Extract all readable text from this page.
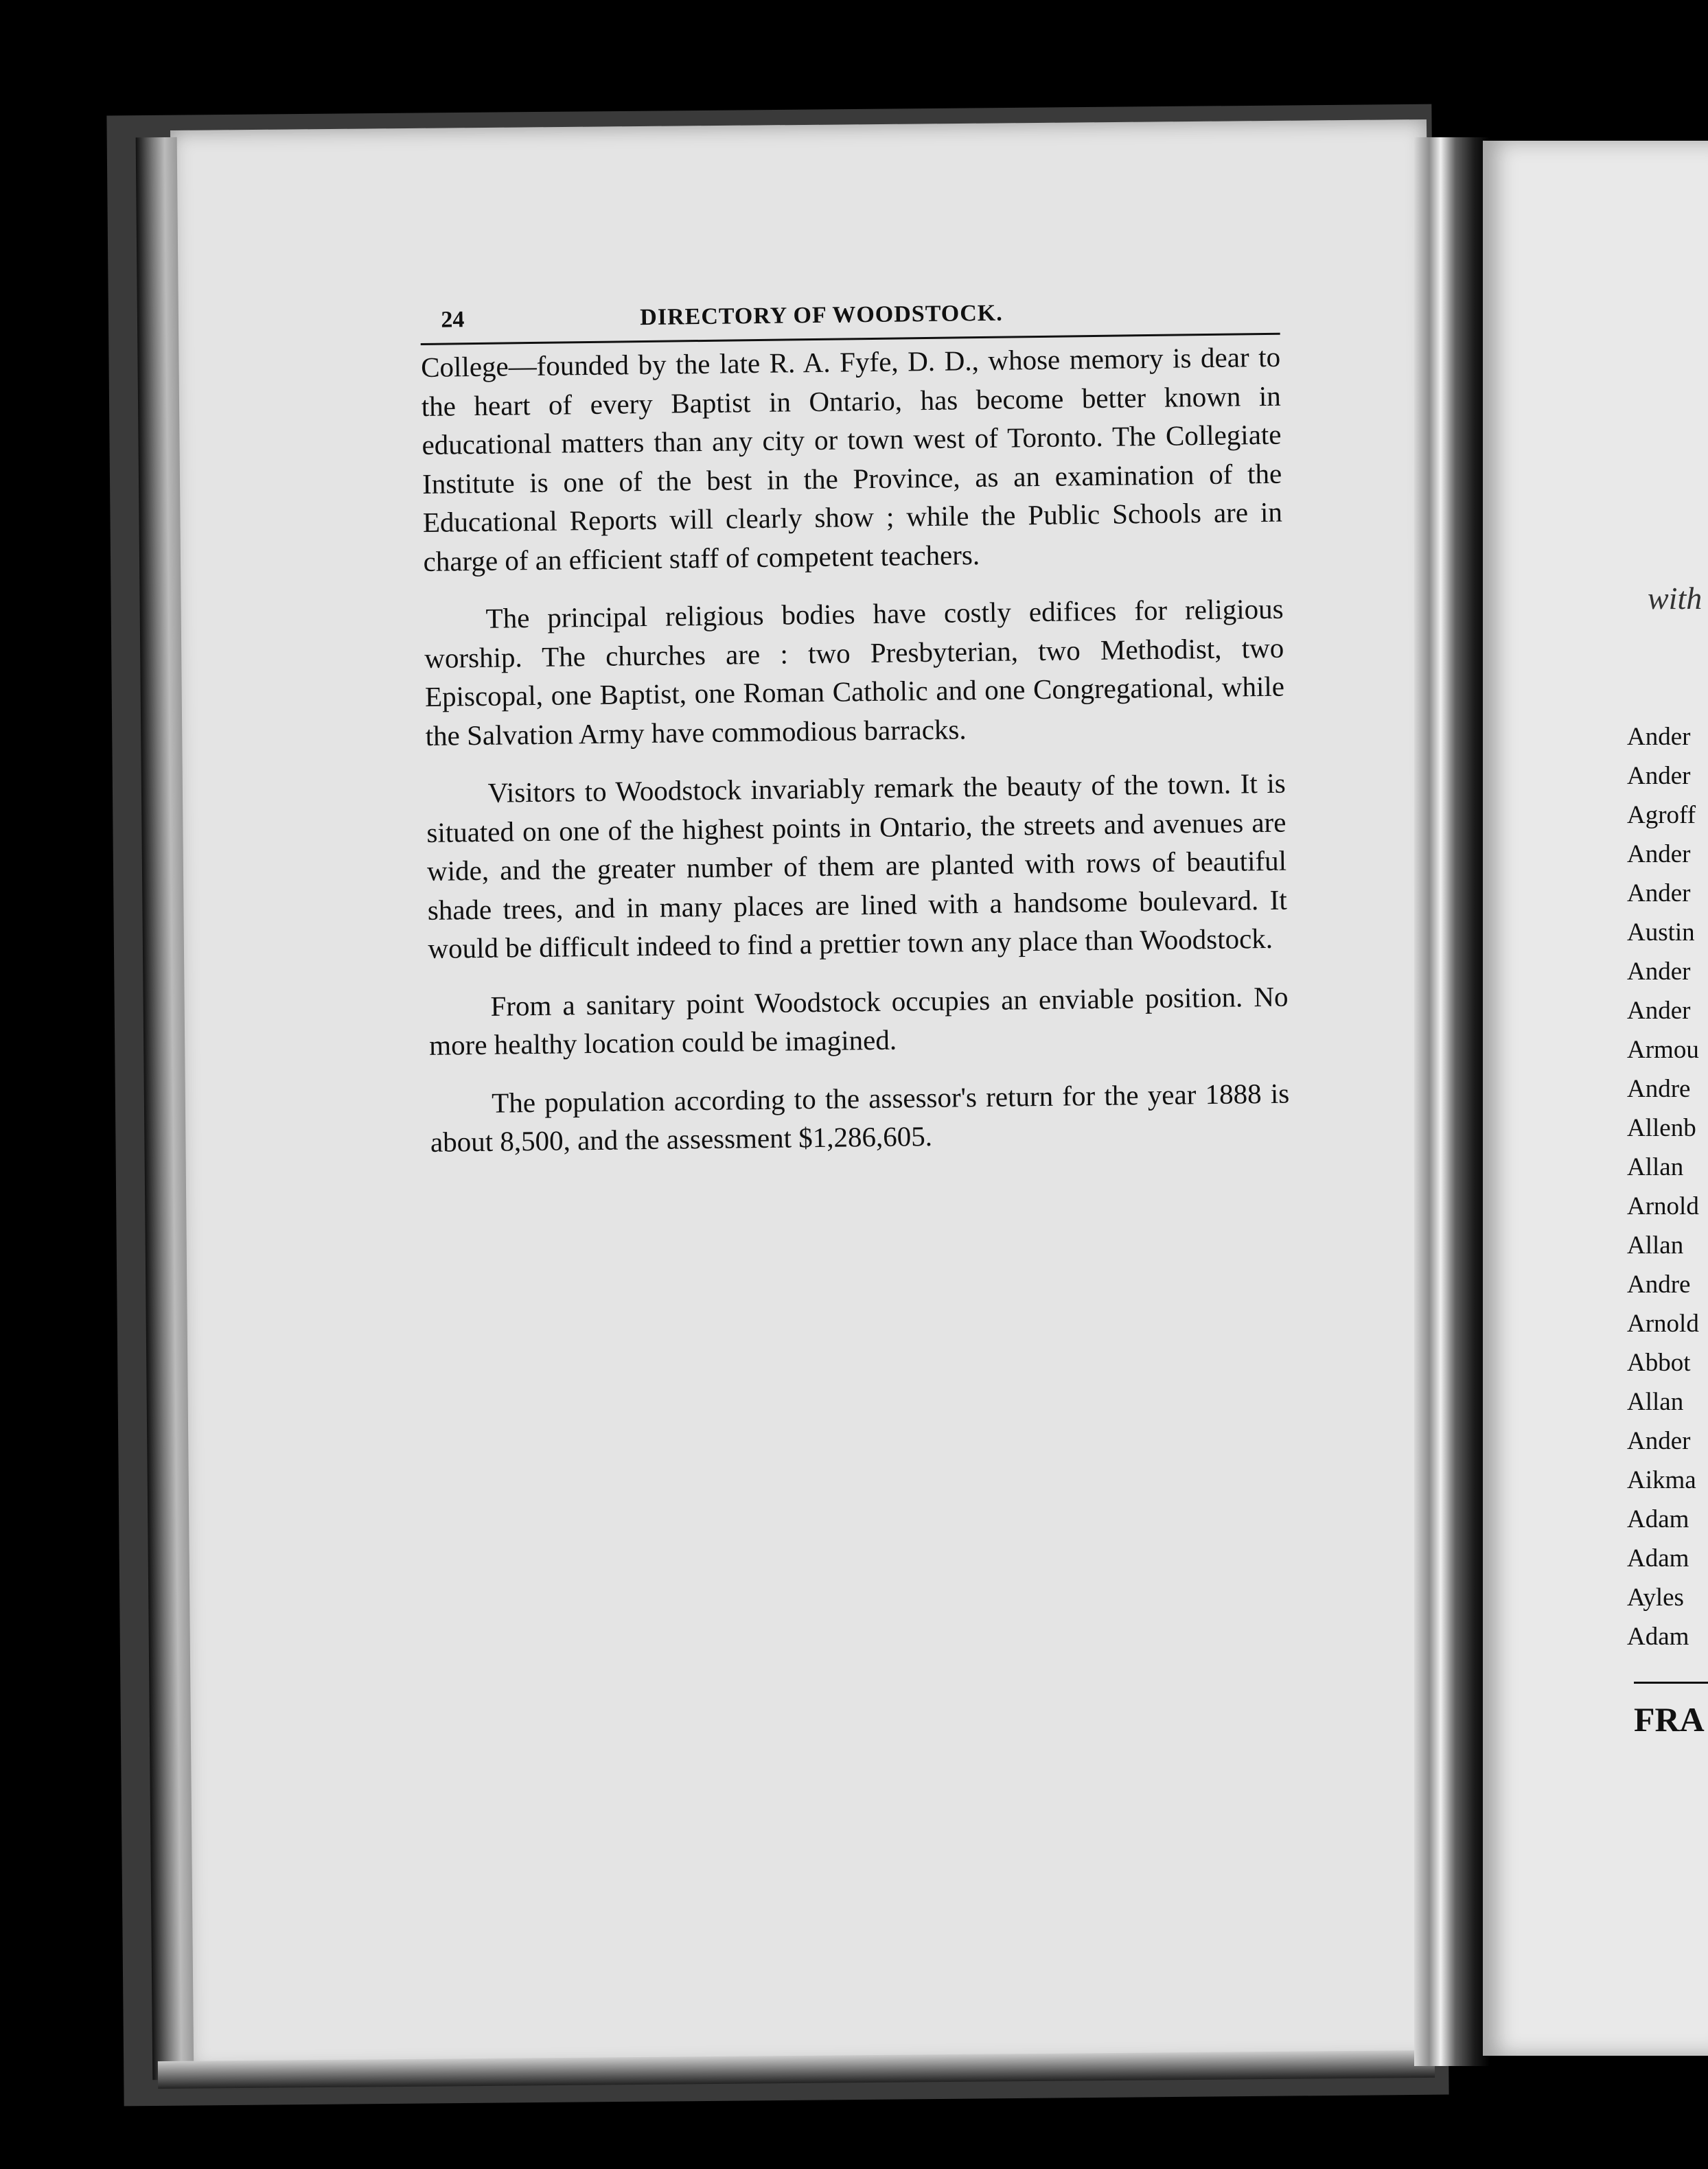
24	DIRECTORY OF WOODSTOCK.

College—founded by the late R. A. Fyfe, D. D., whose memory is dear to the heart of every Baptist in Ontario, has become better known in educational matters than any city or town west of Toronto. The Collegiate Institute is one of the best in the Province, as an examination of the Educational Reports will clearly show ; while the Public Schools are in charge of an efficient staff of competent teachers.

The principal religious bodies have costly edifices for religious worship. The churches are : two Presbyterian, two Methodist, two Episcopal, one Baptist, one Roman Catholic and one Congregational, while the Salvation Army have commodious barracks.

Visitors to Woodstock invariably remark the beauty of the town. It is situated on one of the highest points in Ontario, the streets and avenues are wide, and the greater number of them are planted with rows of beautiful shade trees, and in many places are lined with a handsome boulevard. It would be difficult indeed to find a prettier town any place than Woodstock.

From a sanitary point Woodstock occupies an enviable position. No more healthy location could be imagined.

The population according to the assessor's return for the year 1888 is about 8,500, and the assessment $1,286,605.

with
Ander
Ander
Agroff
Ander
Ander
Austin
Ander
Ander
Armou
Andre
Allenb
Allan
Arnold
Allan
Andre
Arnold
Abbot
Allan
Ander
Aikma
Adam
Adam
Ayles
Adam
FRA
